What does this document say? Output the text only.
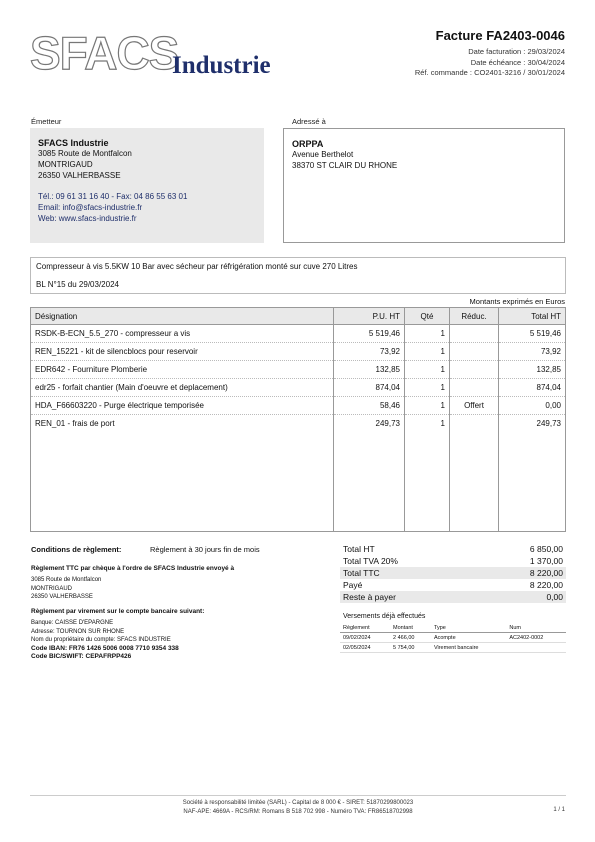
SFACS
Industrie
Facture FA2403-0046
Date facturation : 29/03/2024
Date échéance : 30/04/2024
Réf. commande : CO2401-3216 / 30/01/2024
Émetteur
SFACS Industrie
3085 Route de Montfalcon
MONTRIGAUD
26350 VALHERBASSE
Tél.: 09 61 31 16 40 - Fax: 04 86 55 63 01
Email: info@sfacs-industrie.fr
Web: www.sfacs-industrie.fr
Adressé à
ORPPA
Avenue Berthelot
38370 ST CLAIR DU RHONE
Compresseur à vis 5.5KW 10 Bar avec sécheur par réfrigération monté sur cuve 270 Litres
BL N°15 du 29/03/2024
Montants exprimés en Euros
Désignation	P.U. HT	Qté	Réduc.	Total HT
RSDK-B-ECN_5.5_270 - compresseur a vis	5 519,46	1		5 519,46
REN_15221 - kit de silencblocs pour reservoir	73,92	1		73,92
EDR642 - Fourniture Plomberie	132,85	1		132,85
edr25 - forfait chantier (Main d'oeuvre et deplacement)	874,04	1		874,04
HDA_F66603220 - Purge électrique temporisée	58,46	1	Offert	0,00
REN_01 - frais de port	249,73	1		249,73
Conditions de règlement:	Règlement à 30 jours fin de mois
Règlement TTC par chèque à l'ordre de SFACS Industrie envoyé à
3085 Route de Montfalcon
MONTRIGAUD
26350 VALHERBASSE
Règlement par virement sur le compte bancaire suivant:
Banque: CAISSE D'EPARGNE
Adresse: TOURNON SUR RHONE
Nom du propriétaire du compte: SFACS INDUSTRIE
Code IBAN: FR76 1426 5006 0008 7710 9354 338
Code BIC/SWIFT: CEPAFRPP426
Total HT	6 850,00
Total TVA 20%	1 370,00
Total TTC	8 220,00
Payé	8 220,00
Reste à payer	0,00
Versements déjà effectués
Règlement	Montant	Type	Num
09/02/2024	2 466,00	Acompte	AC2402-0002
02/05/2024	5 754,00	Virement bancaire	
Société à responsabilité limitée (SARL) - Capital de 8 000 € - SIRET: 51870299800023
NAF-APE: 4669A - RCS/RM: Romans B 518 702 998 - Numéro TVA: FR86518702998	1 / 1
